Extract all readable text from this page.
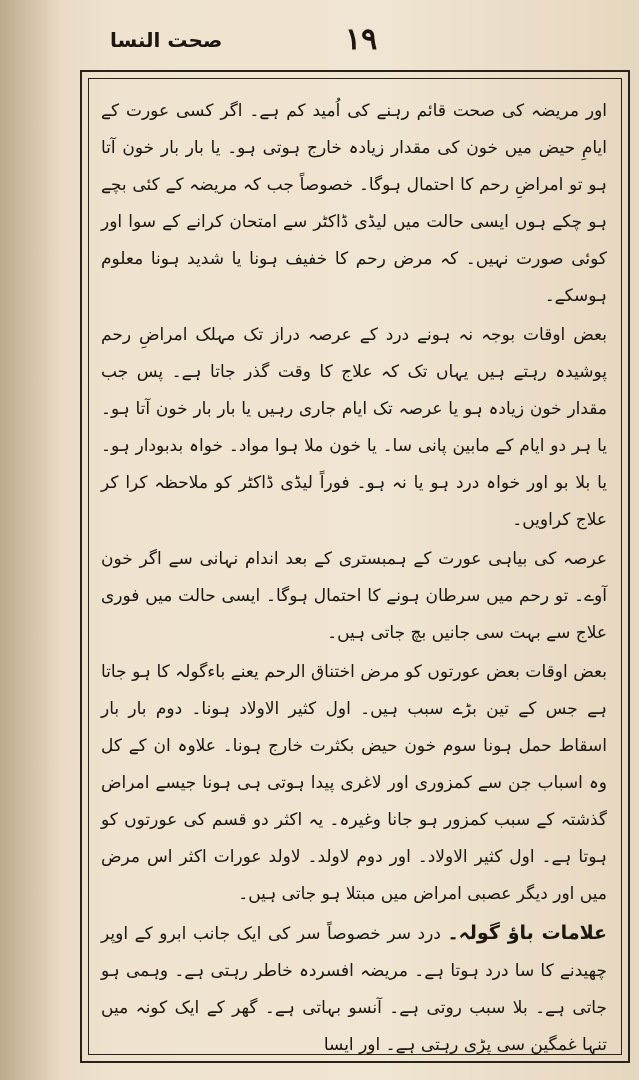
صحت النسا	١٩

اور مریضہ کی صحت قائم رہنے کی اُمید کم ہے۔ اگر کسی عورت کے ایامِ حیض میں خون کی مقدار زیادہ خارج ہوتی ہو۔ یا بار بار خون آتا ہو تو امراضِ رحم کا احتمال ہوگا۔ خصوصاً جب کہ مریضہ کے کئی بچے ہو چکے ہوں ایسی حالت میں لیڈی ڈاکٹر سے امتحان کرانے کے سوا اور کوئی صورت نہیں۔ کہ مرض رحم کا خفیف ہونا یا شدید ہونا معلوم ہوسکے۔

بعض اوقات بوجہ نہ ہونے درد کے عرصہ دراز تک مہلک امراضِ رحم پوشیدہ رہتے ہیں یہاں تک کہ علاج کا وقت گذر جاتا ہے۔ پس جب مقدار خون زیادہ ہو یا عرصہ تک ایام جاری رہیں یا بار بار خون آتا ہو۔ یا ہر دو ایام کے مابین پانی سا۔ یا خون ملا ہوا مواد۔ خواہ بدبودار ہو۔ یا بلا بو اور خواہ درد ہو یا نہ ہو۔ فوراً لیڈی ڈاکٹر کو ملاحظہ کرا کر علاج کراویں۔

عرصہ کی بیاہی عورت کے ہمبستری کے بعد اندام نہانی سے اگر خون آوے۔ تو رحم میں سرطان ہونے کا احتمال ہوگا۔ ایسی حالت میں فوری علاج سے بہت سی جانیں بچ جاتی ہیں۔

بعض اوقات بعض عورتوں کو مرض اختناق الرحم یعنے باءگولہ کا ہو جاتا ہے جس کے تین بڑے سبب ہیں۔ اول کثیر الاولاد ہونا۔ دوم بار بار اسقاط حمل ہونا سوم خون حیض بکثرت خارج ہونا۔ علاوہ ان کے کل وہ اسباب جن سے کمزوری اور لاغری پیدا ہوتی ہی ہونا جیسے امراض گذشتہ کے سبب کمزور ہو جانا وغیرہ۔ یہ اکثر دو قسم کی عورتوں کو ہوتا ہے۔ اول کثیر الاولاد۔ اور دوم لاولد۔ لاولد عورات اکثر اس مرض میں اور دیگر عصبی امراض میں مبتلا ہو جاتی ہیں۔

علامات باؤ گولہ۔ درد سر خصوصاً سر کی ایک جانب ابرو کے اوپر چھیدنے کا سا درد ہوتا ہے۔ مریضہ افسردہ خاطر رہتی ہے۔ وہمی ہو جاتی ہے۔ بلا سبب روتی ہے۔ آنسو بہاتی ہے۔ گھر کے ایک کونہ میں تنہا غمگین سی پڑی رہتی ہے۔ اور ایسا
